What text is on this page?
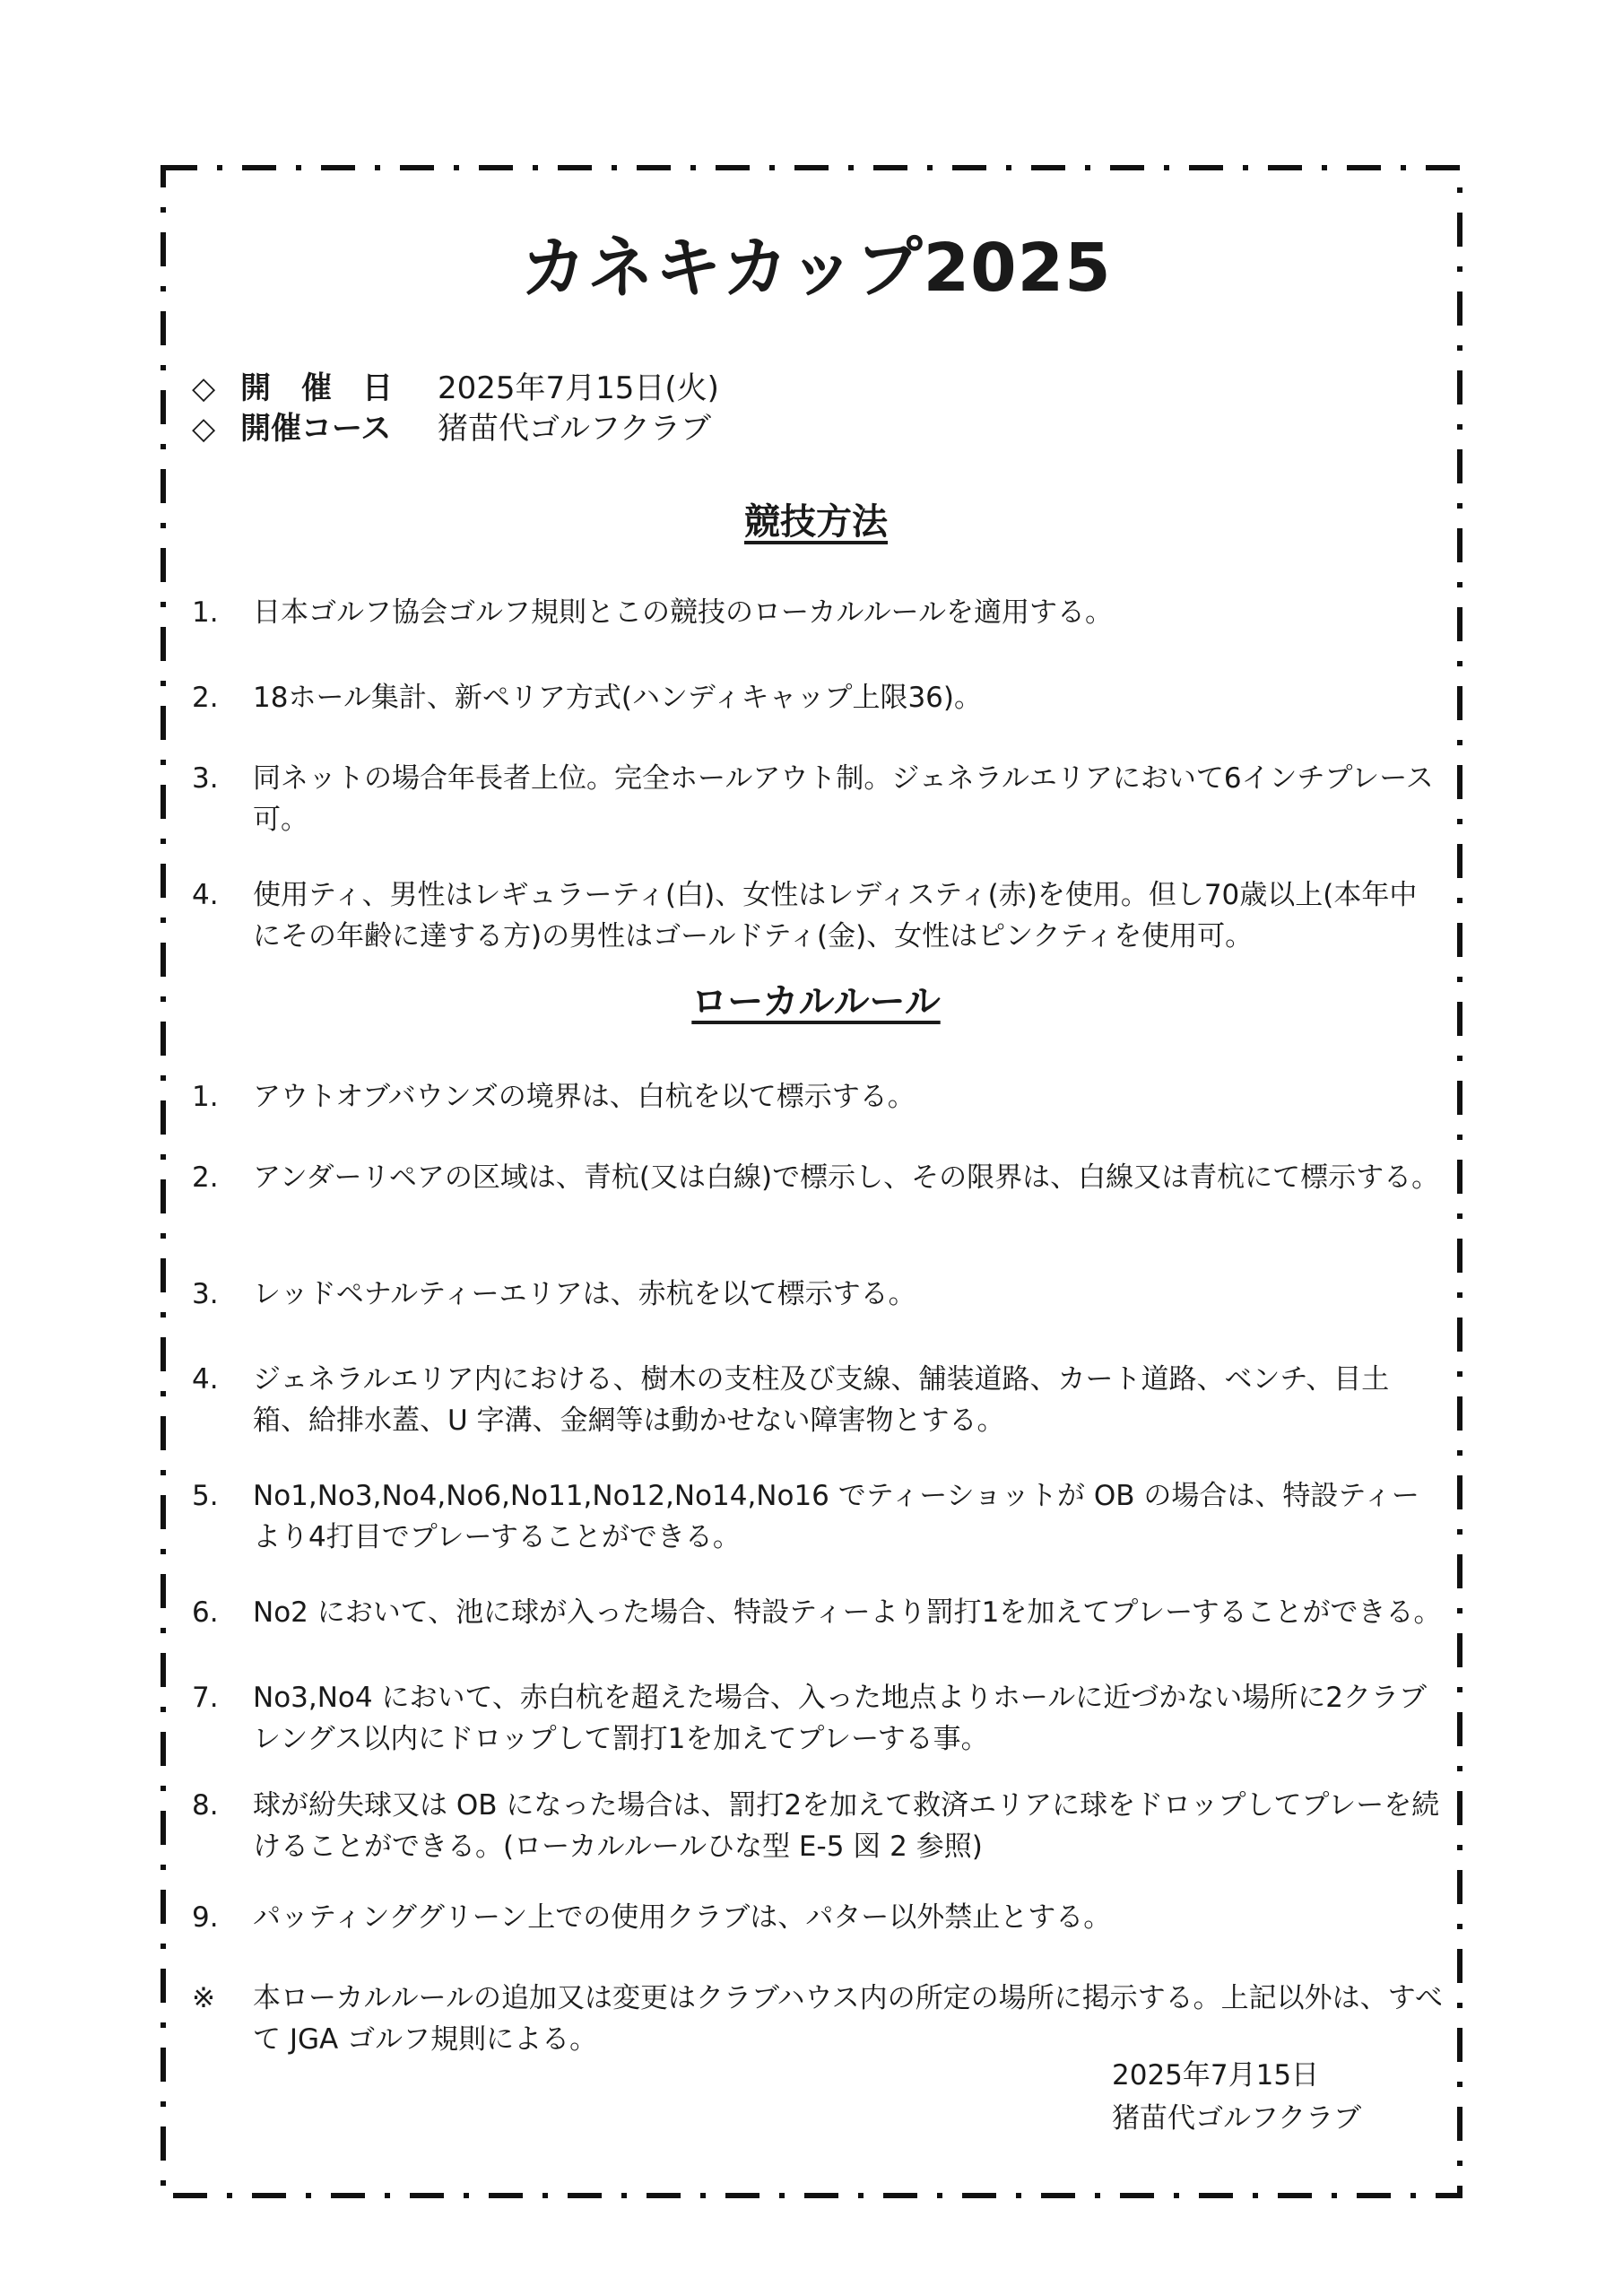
カネキカップ2025
◇ 開　催　日 2025年7月15日(火)
◇ 開催コース 猪苗代ゴルフクラブ
競技方法
1. 日本ゴルフ協会ゴルフ規則とこの競技のローカルルールを適用する。
2. 18ホール集計、新ペリア方式(ハンディキャップ上限36)。
3. 同ネットの場合年長者上位。完全ホールアウト制。ジェネラルエリアにおいて6インチプレース可。
4. 使用ティ、男性はレギュラーティ(白)、女性はレディスティ(赤)を使用。但し70歳以上(本年中にその年齢に達する方)の男性はゴールドティ(金)、女性はピンクティを使用可。
ローカルルール
1. アウトオブバウンズの境界は、白杭を以て標示する。
2. アンダーリペアの区域は、青杭(又は白線)で標示し、その限界は、白線又は青杭にて標示する。
3. レッドペナルティーエリアは、赤杭を以て標示する。
4. ジェネラルエリア内における、樹木の支柱及び支線、舗装道路、カート道路、ベンチ、目土箱、給排水蓋、U 字溝、金網等は動かせない障害物とする。
5. No1,No3,No4,No6,No11,No12,No14,No16 でティーショットが OB の場合は、特設ティーより4打目でプレーすることができる。
6. No2 において、池に球が入った場合、特設ティーより罰打1を加えてプレーすることができる。
7. No3,No4 において、赤白杭を超えた場合、入った地点よりホールに近づかない場所に2クラブレングス以内にドロップして罰打1を加えてプレーする事。
8. 球が紛失球又は OB になった場合は、罰打2を加えて救済エリアに球をドロップしてプレーを続けることができる。(ローカルルールひな型 E-5 図 2 参照)
9. パッティンググリーン上での使用クラブは、パター以外禁止とする。
※ 本ローカルルールの追加又は変更はクラブハウス内の所定の場所に掲示する。上記以外は、すべて JGA ゴルフ規則による。
2025年7月15日
猪苗代ゴルフクラブ
